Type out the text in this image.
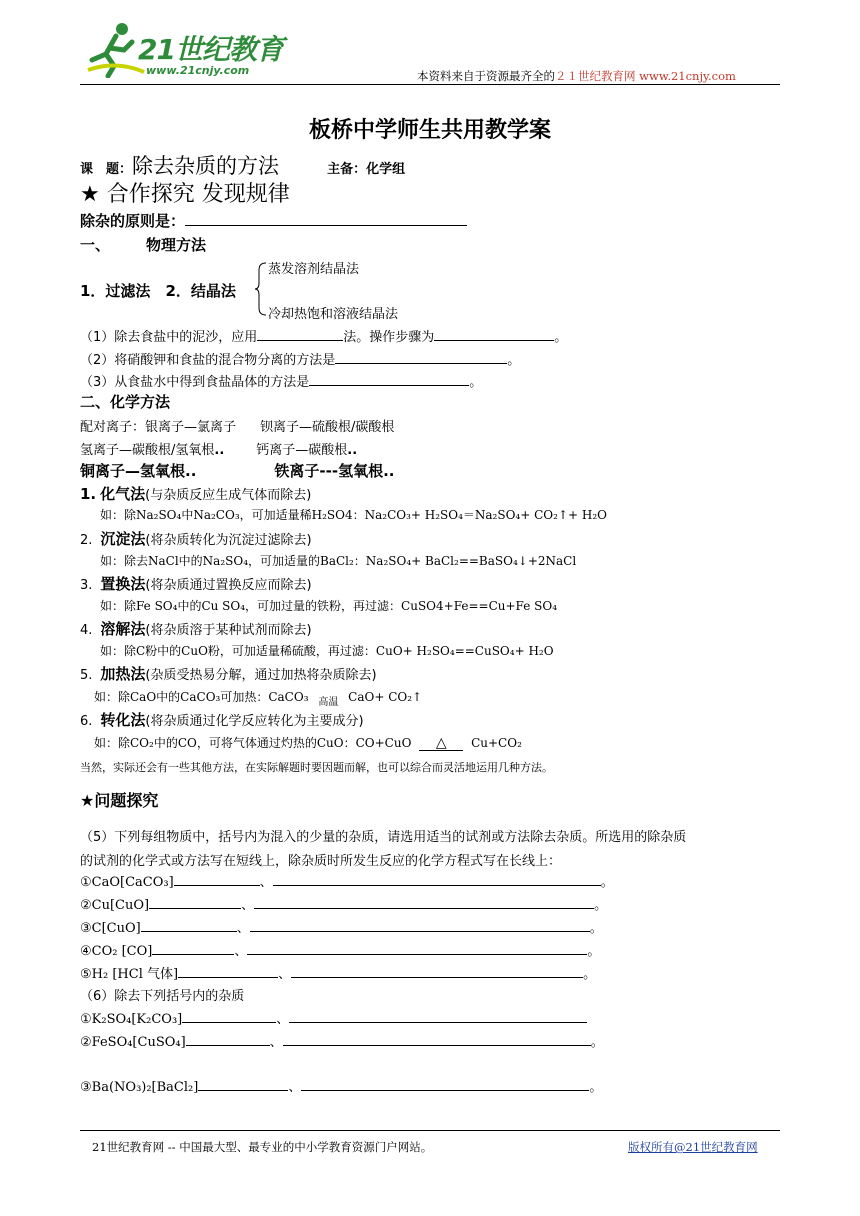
21世纪教育
www.21cnjy.com	本资料来自于资源最齐全的２１世纪教育网 www.21cnjy.com
板桥中学师生共用教学案
课　题：除去杂质的方法	主备：化学组
★ 合作探究 发现规律
除杂的原则是：
一、 物理方法
1．过滤法　2．结晶法
蒸发溶剂结晶法
冷却热饱和溶液结晶法
（1）除去食盐中的泥沙，应用	法。操作步骤为	。
（2）将硝酸钾和食盐的混合物分离的方法是	。
（3）从食盐水中得到食盐晶体的方法是	。
二、化学方法
配对离子：银离子—氯离子 钡离子—硫酸根/碳酸根
氢离子—碳酸根/氢氧根.. 钙离子—碳酸根..
铜离子—氢氧根..	铁离子---氢氧根..
1. 化气法(与杂质反应生成气体而除去)
如：除Na₂SO₄中Na₂CO₃，可加适量稀H₂SO4：Na₂CO₃+ H₂SO₄＝Na₂SO₄+ CO₂↑+ H₂O
2. 沉淀法(将杂质转化为沉淀过滤除去)
如：除去NaCl中的Na₂SO₄，可加适量的BaCl₂：Na₂SO₄+ BaCl₂==BaSO₄↓+2NaCl
3. 置换法(将杂质通过置换反应而除去)
如：除Fe SO₄中的Cu SO₄，可加过量的铁粉，再过滤：CuSO4+Fe==Cu+Fe SO₄
4. 溶解法(将杂质溶于某种试剂而除去)
如：除C粉中的CuO粉，可加适量稀硫酸，再过滤：CuO+ H₂SO₄==CuSO₄+ H₂O
5. 加热法(杂质受热易分解，通过加热将杂质除去)
如：除CaO中的CaCO₃可加热：CaCO₃ $_{高温}$ CaO+ CO₂↑
6. 转化法(将杂质通过化学反应转化为主要成分)
如：除CO₂中的CO，可将气体通过灼热的CuO：CO+CuO △ Cu+CO₂
当然，实际还会有一些其他方法，在实际解题时要因题而解，也可以综合而灵活地运用几种方法。
★问题探究
（5）下列每组物质中，括号内为混入的少量的杂质，请选用适当的试剂或方法除去杂质。所选用的除杂质
的试剂的化学式或方法写在短线上，除杂质时所发生反应的化学方程式写在长线上：
①CaO[CaCO₃]	、	。
②Cu[CuO]	、	。
③C[CuO]	、	。
④CO₂ [CO]	、	。
⑤H₂ [HCl 气体]	、	。
（6）除去下列括号内的杂质
①K₂SO₄[K₂CO₃]	、
②FeSO₄[CuSO₄]	、	。
③Ba(NO₃)₂[BaCl₂]	、	。
21世纪教育网 -- 中国最大型、最专业的中小学教育资源门户网站。	版权所有@21世纪教育网
